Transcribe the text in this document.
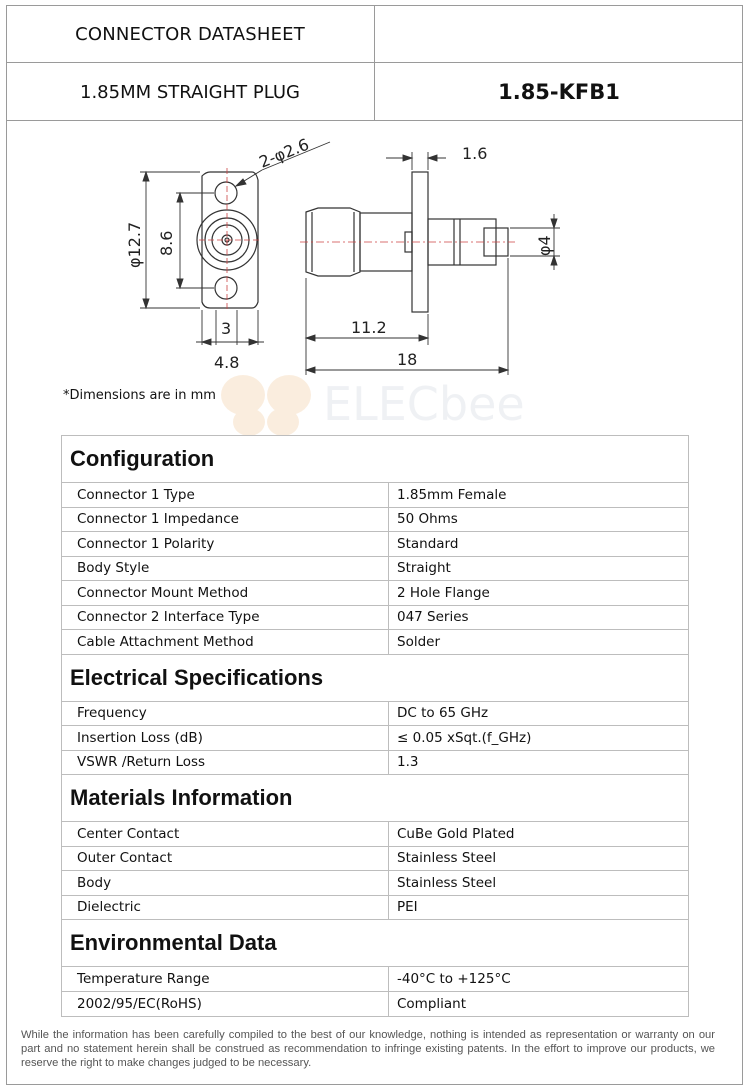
CONNECTOR DATASHEET
1.85MM STRAIGHT PLUG	1.85-KFB1
2-φ2.6
φ12.7 8.6
3
4.8
1.6
φ4
11.2
18
*Dimensions are in mm ELECbee
Configuration
Connector 1 Type	1.85mm Female
Connector 1 Impedance	50 Ohms
Connector 1 Polarity	Standard
Body Style	Straight
Connector Mount Method	2 Hole Flange
Connector 2 Interface Type	047 Series
Cable Attachment Method	Solder
Electrical Specifications
Frequency	DC to 65 GHz
Insertion Loss (dB)	≤ 0.05 xSqt.(f_GHz)
VSWR /Return Loss	1.3
Materials Information
Center Contact	CuBe Gold Plated
Outer Contact	Stainless Steel
Body	Stainless Steel
Dielectric	PEI
Environmental Data
Temperature Range	-40°C to +125°C
2002/95/EC(RoHS)	Compliant
While the information has been carefully compiled to the best of our knowledge, nothing is intended as representation or warranty on our part and no statement herein shall be construed as recommendation to infringe existing patents. In the effort to improve our products, we reserve the right to make changes judged to be necessary.
